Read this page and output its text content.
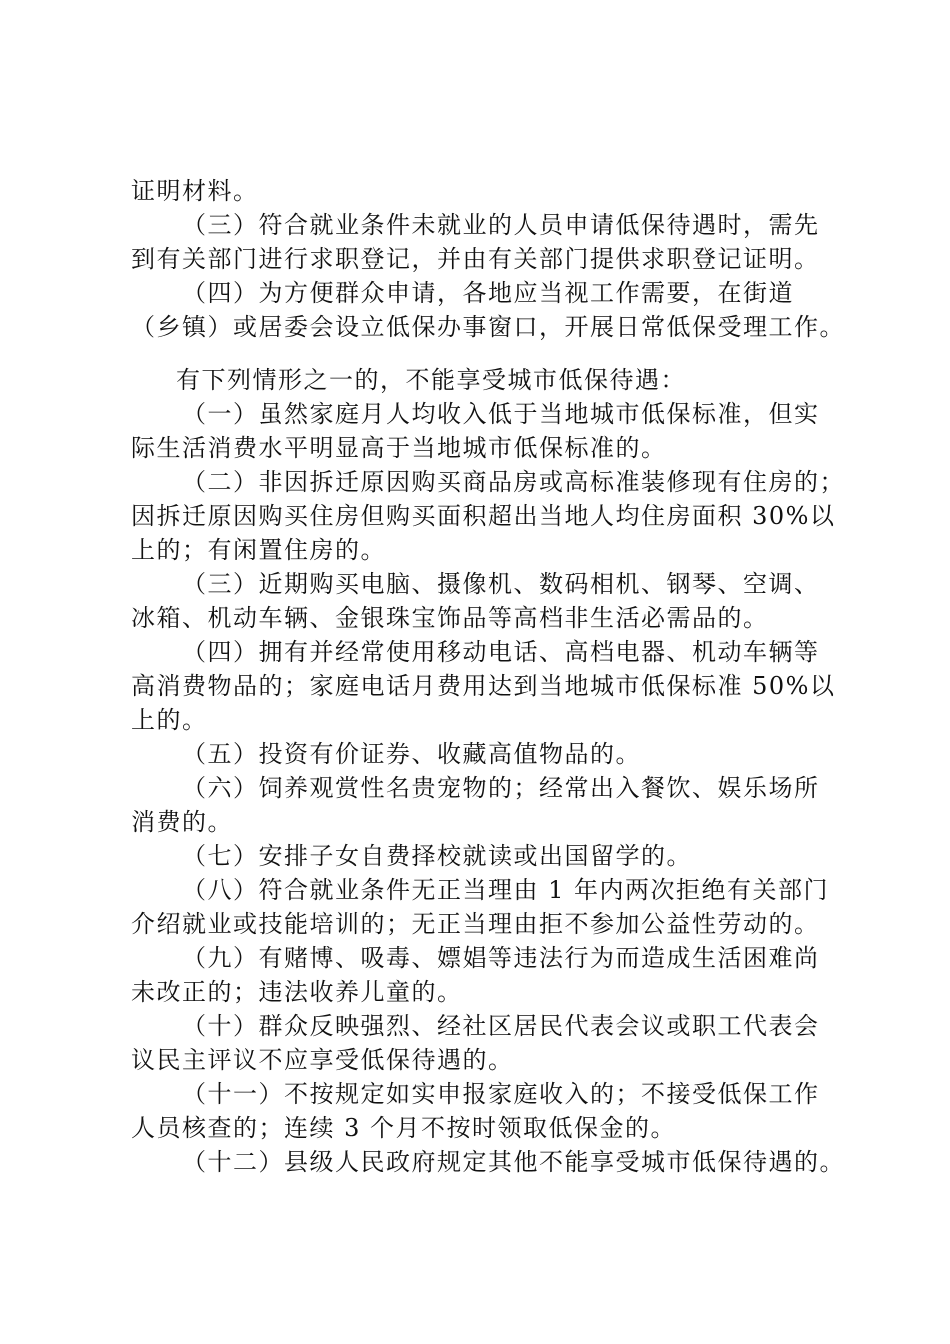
证明材料。
（三）符合就业条件未就业的人员申请低保待遇时，需先
到有关部门进行求职登记，并由有关部门提供求职登记证明。
（四）为方便群众申请，各地应当视工作需要，在街道
（乡镇）或居委会设立低保办事窗口，开展日常低保受理工作。
有下列情形之一的，不能享受城市低保待遇：
（一）虽然家庭月人均收入低于当地城市低保标准，但实
际生活消费水平明显高于当地城市低保标准的。
（二）非因拆迁原因购买商品房或高标准装修现有住房的；
因拆迁原因购买住房但购买面积超出当地人均住房面积 30%以
上的；有闲置住房的。
（三）近期购买电脑、摄像机、数码相机、钢琴、空调、
冰箱、机动车辆、金银珠宝饰品等高档非生活必需品的。
（四）拥有并经常使用移动电话、高档电器、机动车辆等
高消费物品的；家庭电话月费用达到当地城市低保标准 50%以
上的。
（五）投资有价证券、收藏高值物品的。
（六）饲养观赏性名贵宠物的；经常出入餐饮、娱乐场所
消费的。
（七）安排子女自费择校就读或出国留学的。
（八）符合就业条件无正当理由 1 年内两次拒绝有关部门
介绍就业或技能培训的；无正当理由拒不参加公益性劳动的。
（九）有赌博、吸毒、嫖娼等违法行为而造成生活困难尚
未改正的；违法收养儿童的。
（十）群众反映强烈、经社区居民代表会议或职工代表会
议民主评议不应享受低保待遇的。
（十一）不按规定如实申报家庭收入的；不接受低保工作
人员核查的；连续 3 个月不按时领取低保金的。
（十二）县级人民政府规定其他不能享受城市低保待遇的。
